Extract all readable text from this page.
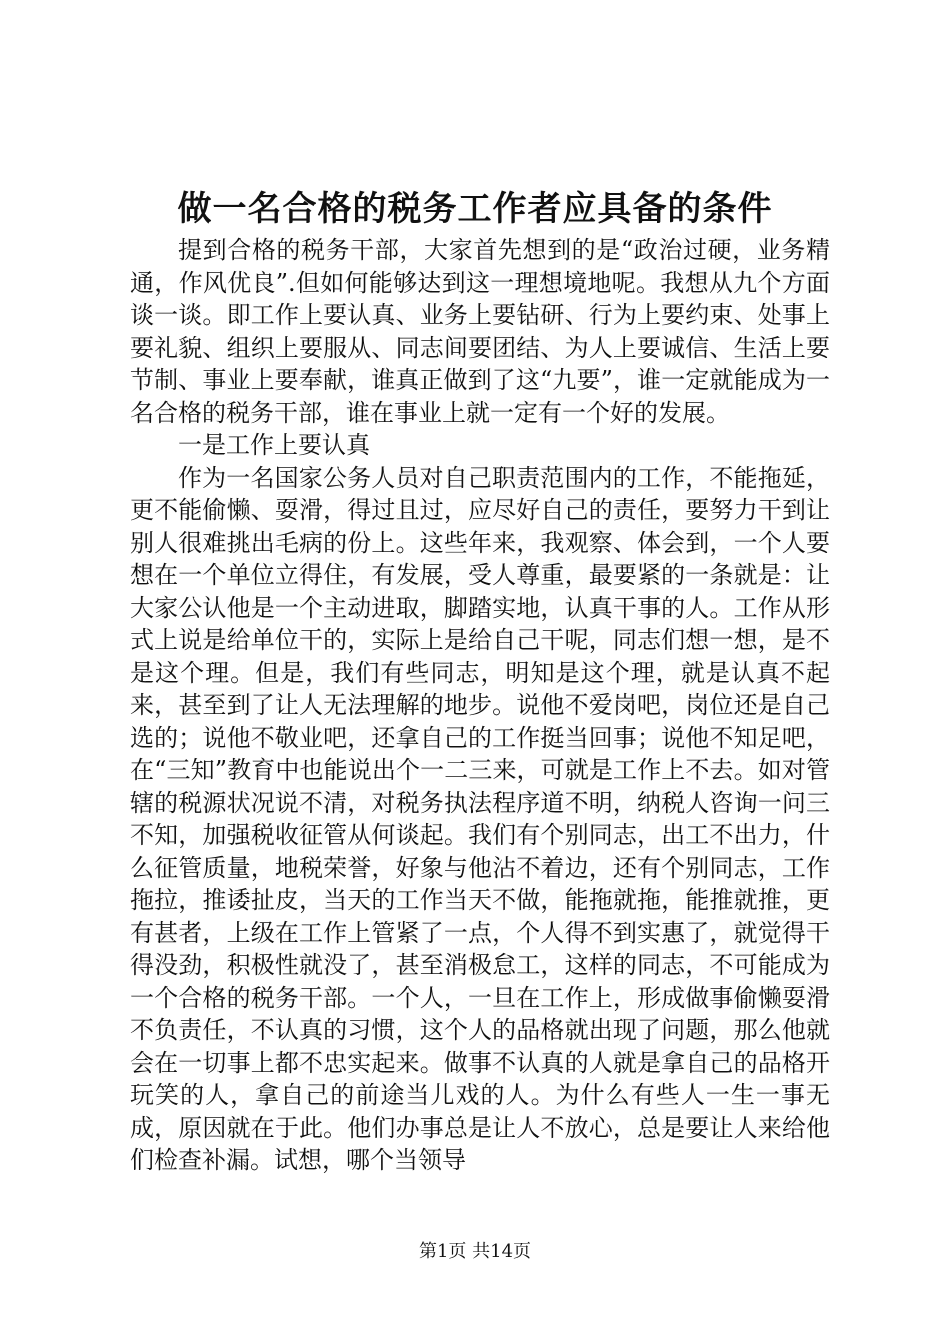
做一名合格的税务工作者应具备的条件

提到合格的税务干部，大家首先想到的是“政治过硬，业务精通，作风优良”.但如何能够达到这一理想境地呢。我想从九个方面谈一谈。即工作上要认真、业务上要钻研、行为上要约束、处事上要礼貌、组织上要服从、同志间要团结、为人上要诚信、生活上要节制、事业上要奉献，谁真正做到了这“九要”，谁一定就能成为一名合格的税务干部，谁在事业上就一定有一个好的发展。

一是工作上要认真

作为一名国家公务人员对自己职责范围内的工作，不能拖延，更不能偷懒、耍滑，得过且过，应尽好自己的责任，要努力干到让别人很难挑出毛病的份上。这些年来，我观察、体会到，一个人要想在一个单位立得住，有发展，受人尊重，最要紧的一条就是：让大家公认他是一个主动进取，脚踏实地，认真干事的人。工作从形式上说是给单位干的，实际上是给自己干呢，同志们想一想，是不是这个理。但是，我们有些同志，明知是这个理，就是认真不起来，甚至到了让人无法理解的地步。说他不爱岗吧，岗位还是自己选的；说他不敬业吧，还拿自己的工作挺当回事；说他不知足吧，在“三知”教育中也能说出个一二三来，可就是工作上不去。如对管辖的税源状况说不清，对税务执法程序道不明，纳税人咨询一问三不知，加强税收征管从何谈起。我们有个别同志，出工不出力，什么征管质量，地税荣誉，好象与他沾不着边，还有个别同志，工作拖拉，推诿扯皮，当天的工作当天不做，能拖就拖，能推就推，更有甚者，上级在工作上管紧了一点，个人得不到实惠了，就觉得干得没劲，积极性就没了，甚至消极怠工，这样的同志，不可能成为一个合格的税务干部。一个人，一旦在工作上，形成做事偷懒耍滑不负责任，不认真的习惯，这个人的品格就出现了问题，那么他就会在一切事上都不忠实起来。做事不认真的人就是拿自己的品格开玩笑的人，拿自己的前途当儿戏的人。为什么有些人一生一事无成，原因就在于此。他们办事总是让人不放心，总是要让人来给他们检查补漏。试想，哪个当领导

第1页 共14页
